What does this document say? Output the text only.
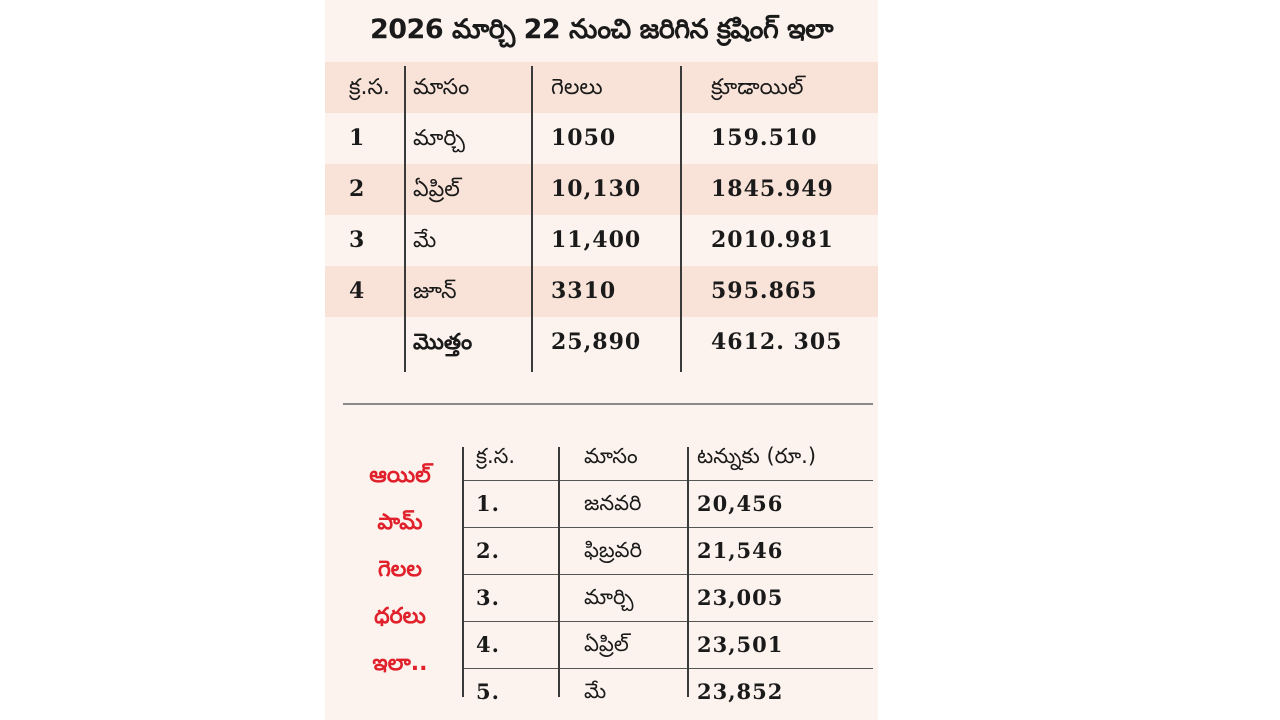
2026 మార్చి 22 నుంచి జరిగిన క్రషింగ్ ఇలా
క్ర.స. మాసం	గెలలు	క్రూడాయిల్
1 మార్చి	1050	159.510
2 ఏప్రిల్	10,130	1845.949
3 మే	11,400	2010.981
4 జూన్	3310	595.865
మొత్తం	25,890	4612. 305
ఆయిల్
పామ్
గెలల
ధరలు
ఇలా..
క్ర.స.	మాసం	టన్నుకు (రూ.)
1.	జనవరి	20,456
2.	ఫిబ్రవరి	21,546
3.	మార్చి	23,005
4.	ఏప్రిల్	23,501
5.	మే	23,852
